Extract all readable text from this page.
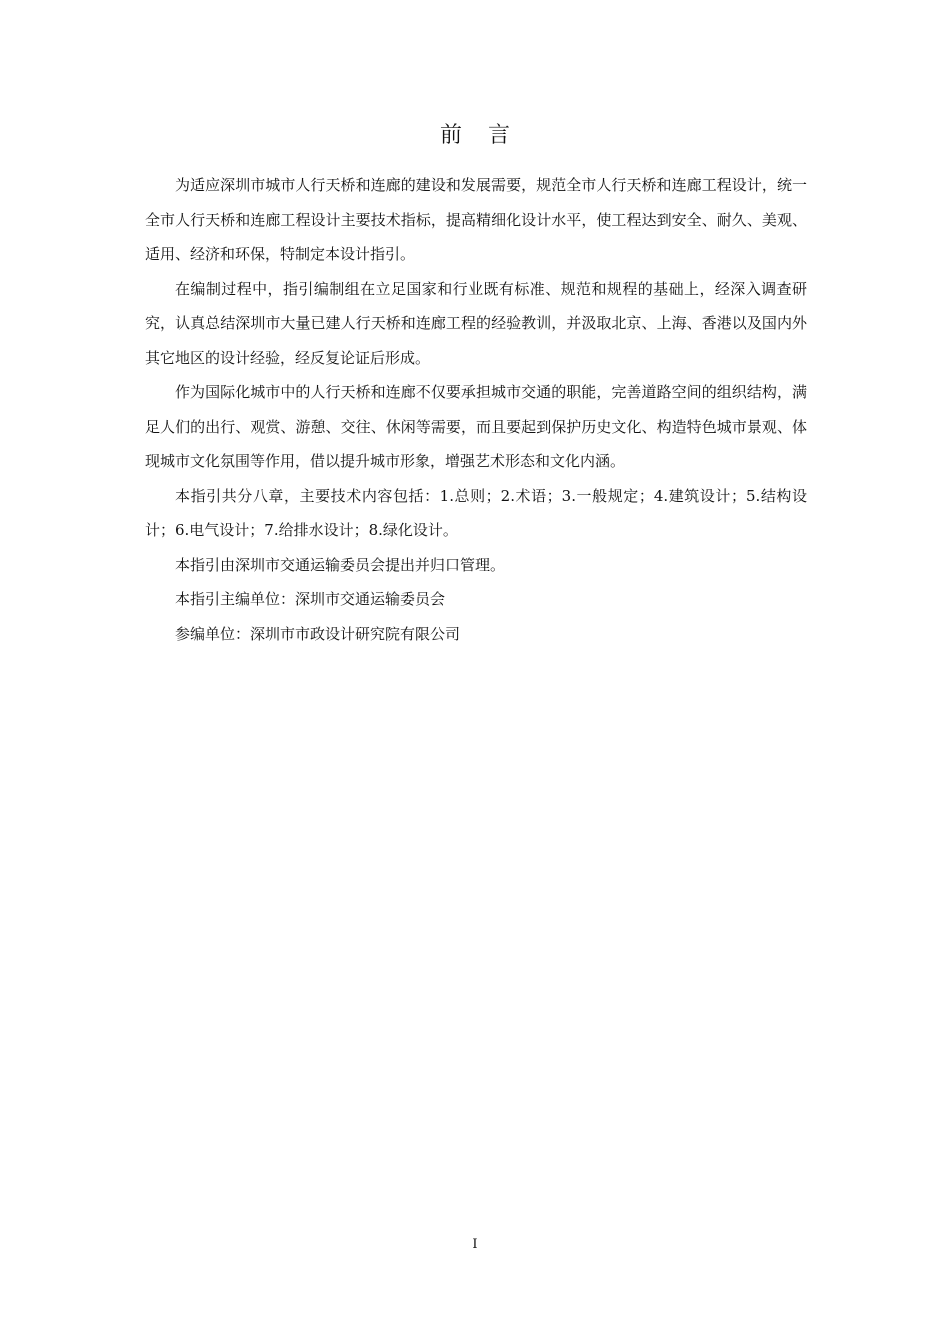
前言

为适应深圳市城市人行天桥和连廊的建设和发展需要，规范全市人行天桥和连廊工程设计，统一全市人行天桥和连廊工程设计主要技术指标，提高精细化设计水平，使工程达到安全、耐久、美观、适用、经济和环保，特制定本设计指引。

在编制过程中，指引编制组在立足国家和行业既有标准、规范和规程的基础上，经深入调查研究，认真总结深圳市大量已建人行天桥和连廊工程的经验教训，并汲取北京、上海、香港以及国内外其它地区的设计经验，经反复论证后形成。

作为国际化城市中的人行天桥和连廊不仅要承担城市交通的职能，完善道路空间的组织结构，满足人们的出行、观赏、游憩、交往、休闲等需要，而且要起到保护历史文化、构造特色城市景观、体现城市文化氛围等作用，借以提升城市形象，增强艺术形态和文化内涵。

本指引共分八章，主要技术内容包括：1.总则；2.术语；3.一般规定；4.建筑设计；5.结构设计；6.电气设计；7.给排水设计；8.绿化设计。

本指引由深圳市交通运输委员会提出并归口管理。

本指引主编单位：深圳市交通运输委员会

参编单位：深圳市市政设计研究院有限公司

I
